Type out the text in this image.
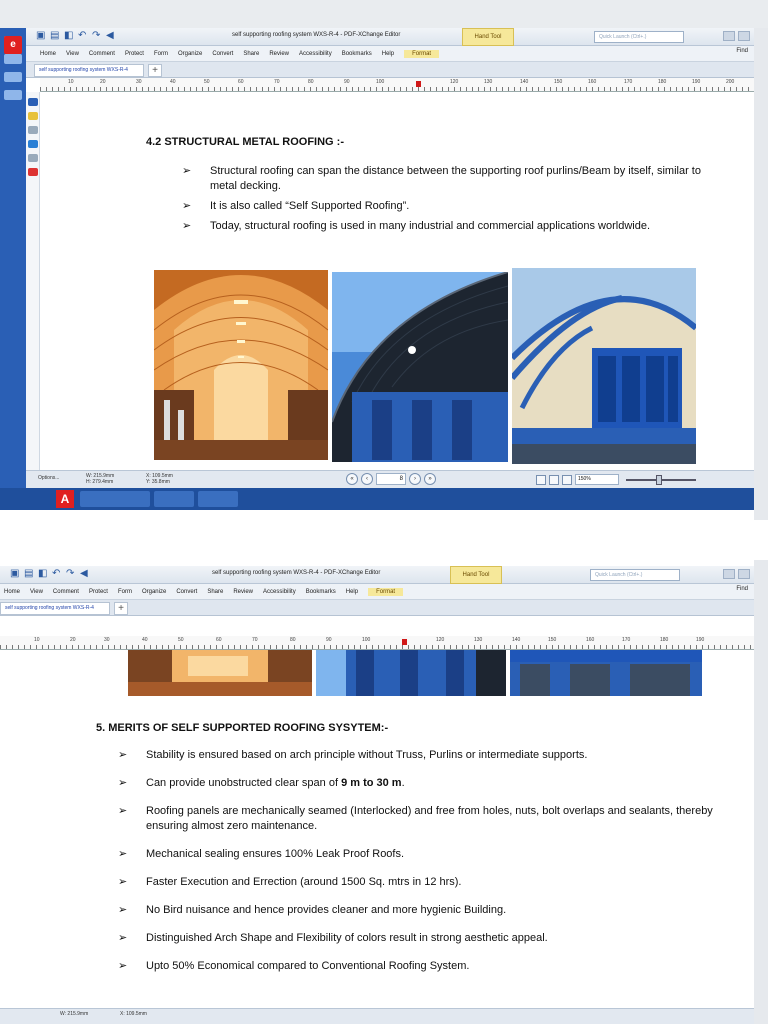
▣ ▤ ◧ ↶ ↷ ◀	self supporting roofing system WXS-R-4 - PDF-XChange Editor	Hand Tool	Quick Launch (Ctrl+.)
Home View Comment Protect Form Organize Convert Share Review Accessibility Bookmarks Help	Format	Find
self supporting roofing system WXS-R-4	+
10	20	30	40	50	60	70	80	90	100	120	130	140	150	160	170	180	190	200
4.2 STRUCTURAL METAL ROOFING :-
➢ Structural roofing can span the distance between the supporting roof purlins/Beam by itself, similar to metal decking.
➢ It is also called “Self Supported Roofing”.
➢ Today, structural roofing is used in many industrial and commercial applications worldwide.
Options...	W: 215.9mm
H: 279.4mm
X: 109.5mm
Y: 35.8mm	«	‹	8	›	»	150%
A
e
▣ ▤ ◧ ↶ ↷ ◀	self supporting roofing system WXS-R-4 - PDF-XChange Editor	Hand Tool	Quick Launch (Ctrl+.)
Home View Comment Protect Form Organize Convert Share Review Accessibility Bookmarks Help	Format	Find
self supporting roofing system WXS-R-4	+
10	20	30	40	50	60	70	80	90	100	120	130	140	150	160	170	180	190
5. MERITS OF SELF SUPPORTED ROOFING SYSYTEM:-
➢ Stability is ensured based on arch principle without Truss, Purlins or intermediate supports.
➢ Can provide unobstructed clear span of 9 m to 30 m.
➢ Roofing panels are mechanically seamed (Interlocked) and free from holes, nuts, bolt overlaps and sealants, thereby ensuring almost zero maintenance.
➢ Mechanical sealing ensures 100% Leak Proof Roofs.
➢ Faster Execution and Errection (around 1500 Sq. mtrs in 12 hrs).
➢ No Bird nuisance and hence provides cleaner and more hygienic Building.
➢ Distinguished Arch Shape and Flexibility of colors result in strong aesthetic appeal.
➢ Upto 50% Economical compared to Conventional Roofing System.
W: 215.9mm	X: 109.5mm
